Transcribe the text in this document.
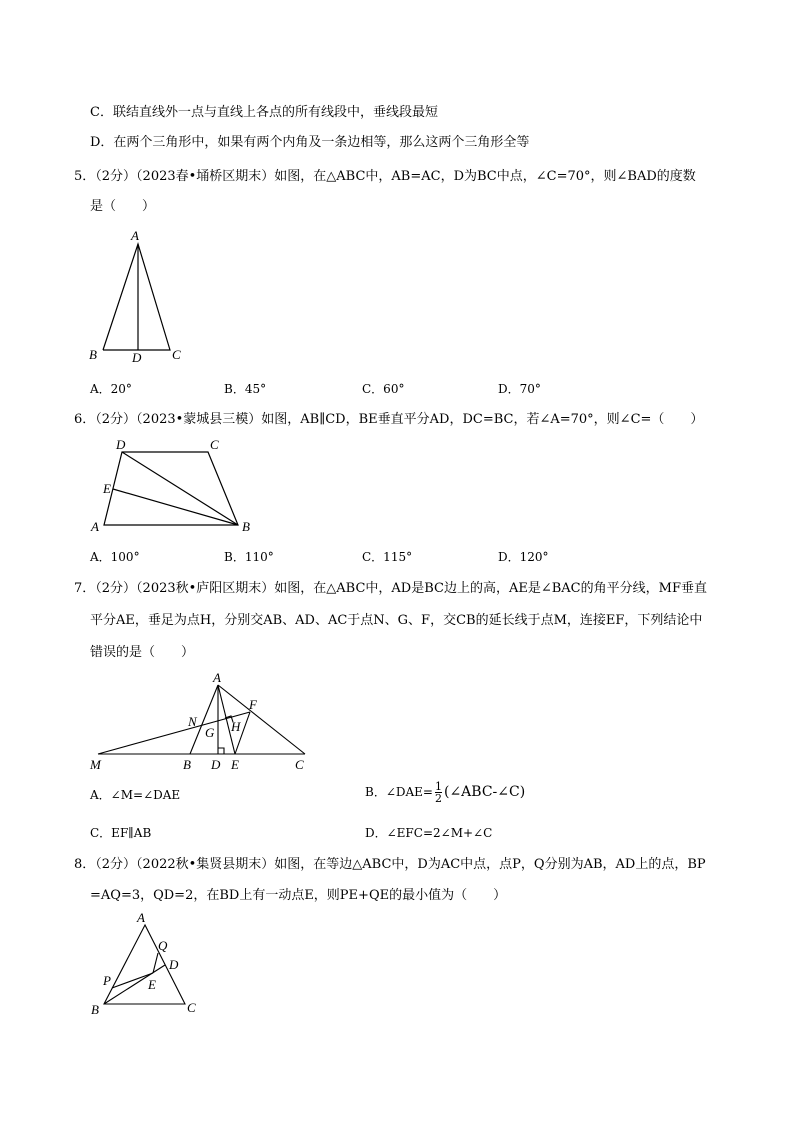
C．联结直线外一点与直线上各点的所有线段中，垂线段最短
D．在两个三角形中，如果有两个内角及一条边相等，那么这两个三角形全等
5．（2分）（2023春•埇桥区期末）如图，在△ABC中，AB=AC，D为BC中点，∠C=70°，则∠BAD的度数
是（　　）
A
B	D C
A．20°	B．45°	C．60°	D．70°
6．（2分）（2023•蒙城县三模）如图，AB∥CD，BE垂直平分AD，DC=BC，若∠A=70°，则∠C=（　　）
D	C
E
A	B
A．100°	B．110°	C．115°	D．120°
7．（2分）（2023秋•庐阳区期末）如图，在△ABC中，AD是BC边上的高，AE是∠BAC的角平分线，MF垂直
平分AE，垂足为点H，分别交AB、AD、AC于点N、G、F，交CB的延长线于点M，连接EF，下列结论中
错误的是（　　）
A
F
N
G H
M	B D E	C
A．∠M=∠DAE	B．∠DAE= $\frac{1}{2}$ (∠ABC-∠C)
C．EF∥AB	D．∠EFC=2∠M+∠C
8．（2分）（2022秋•集贤县期末）如图，在等边△ABC中，D为AC中点，点P，Q分别为AB，AD上的点，BP
=AQ=3，QD=2，在BD上有一动点E，则PE+QE的最小值为（　　）
A
Q
D
P	E
B	C
